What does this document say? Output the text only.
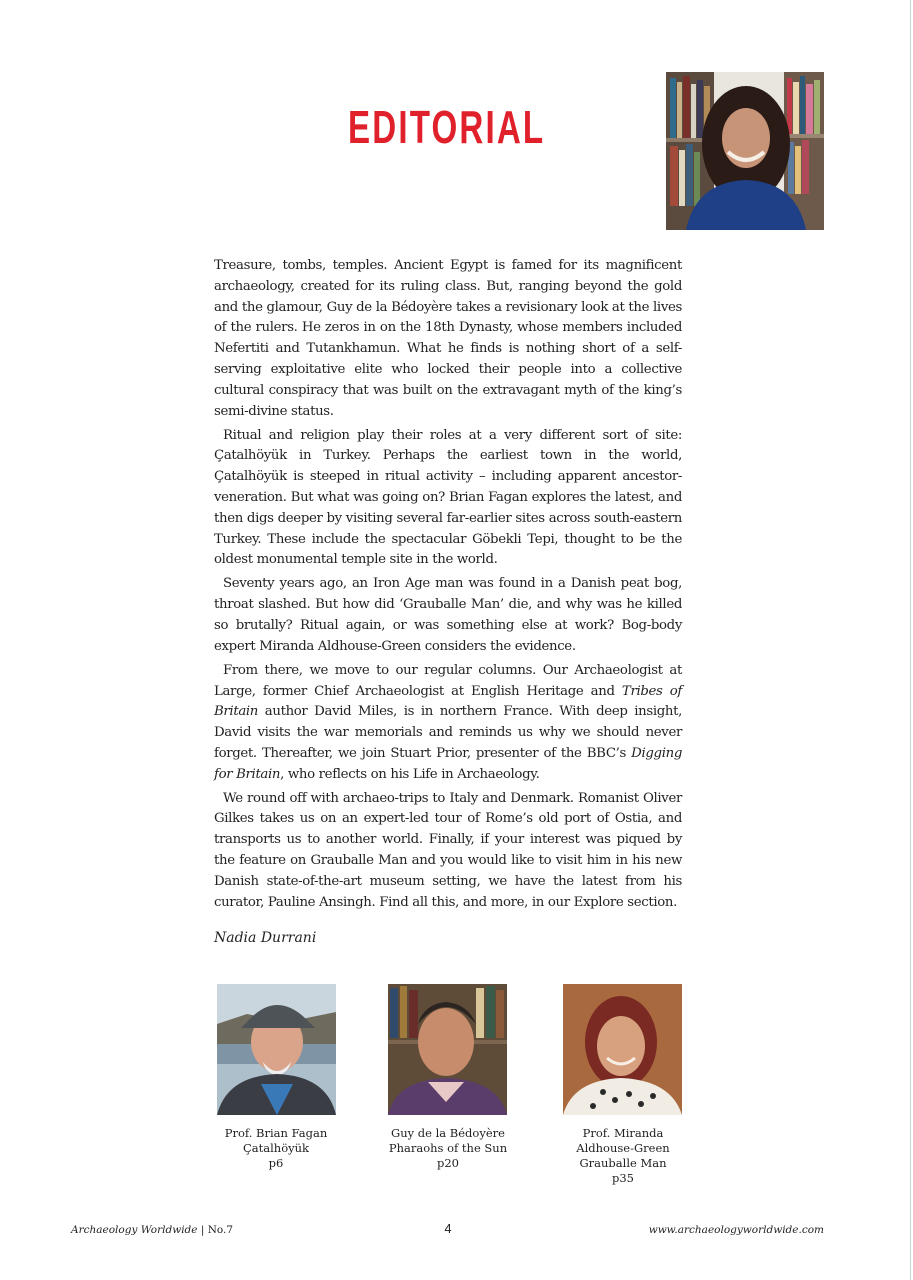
EDITORIAL

Treasure, tombs, temples. Ancient Egypt is famed for its magnificent archaeology, created for its ruling class. But, ranging beyond the gold and the glamour, Guy de la Bédoyère takes a revisionary look at the lives of the rulers. He zeros in on the 18th Dynasty, whose members included Nefertiti and Tutankhamun. What he finds is nothing short of a self-serving exploitative elite who locked their people into a collective cultural conspiracy that was built on the extravagant myth of the king’s semi-divine status.

Ritual and religion play their roles at a very different sort of site: Çatalhöyük in Turkey. Perhaps the earliest town in the world, Çatalhöyük is steeped in ritual activity – including apparent ancestor-veneration. But what was going on? Brian Fagan explores the latest, and then digs deeper by visiting several far-earlier sites across south-eastern Turkey. These include the spectacular Göbekli Tepi, thought to be the oldest monumental temple site in the world.

Seventy years ago, an Iron Age man was found in a Danish peat bog, throat slashed. But how did ‘Grauballe Man’ die, and why was he killed so brutally? Ritual again, or was something else at work? Bog-body expert Miranda Aldhouse-Green considers the evidence.

From there, we move to our regular columns. Our Archaeologist at Large, former Chief Archaeologist at English Heritage and Tribes of Britain author David Miles, is in northern France. With deep insight, David visits the war memorials and reminds us why we should never forget. Thereafter, we join Stuart Prior, presenter of the BBC’s Digging for Britain, who reflects on his Life in Archaeology.

We round off with archaeo-trips to Italy and Denmark. Romanist Oliver Gilkes takes us on an expert-led tour of Rome’s old port of Ostia, and transports us to another world. Finally, if your interest was piqued by the feature on Grauballe Man and you would like to visit him in his new Danish state-of-the-art museum setting, we have the latest from his curator, Pauline Ansingh. Find all this, and more, in our Explore section.

Nadia Durrani
Prof. Brian Fagan
Çatalhöyük
p6
Guy de la Bédoyère
Pharaohs of the Sun
p20
Prof. Miranda
Aldhouse-Green
Grauballe Man
p35
Archaeology Worldwide | No.7	4	www.archaeologyworldwide.com
